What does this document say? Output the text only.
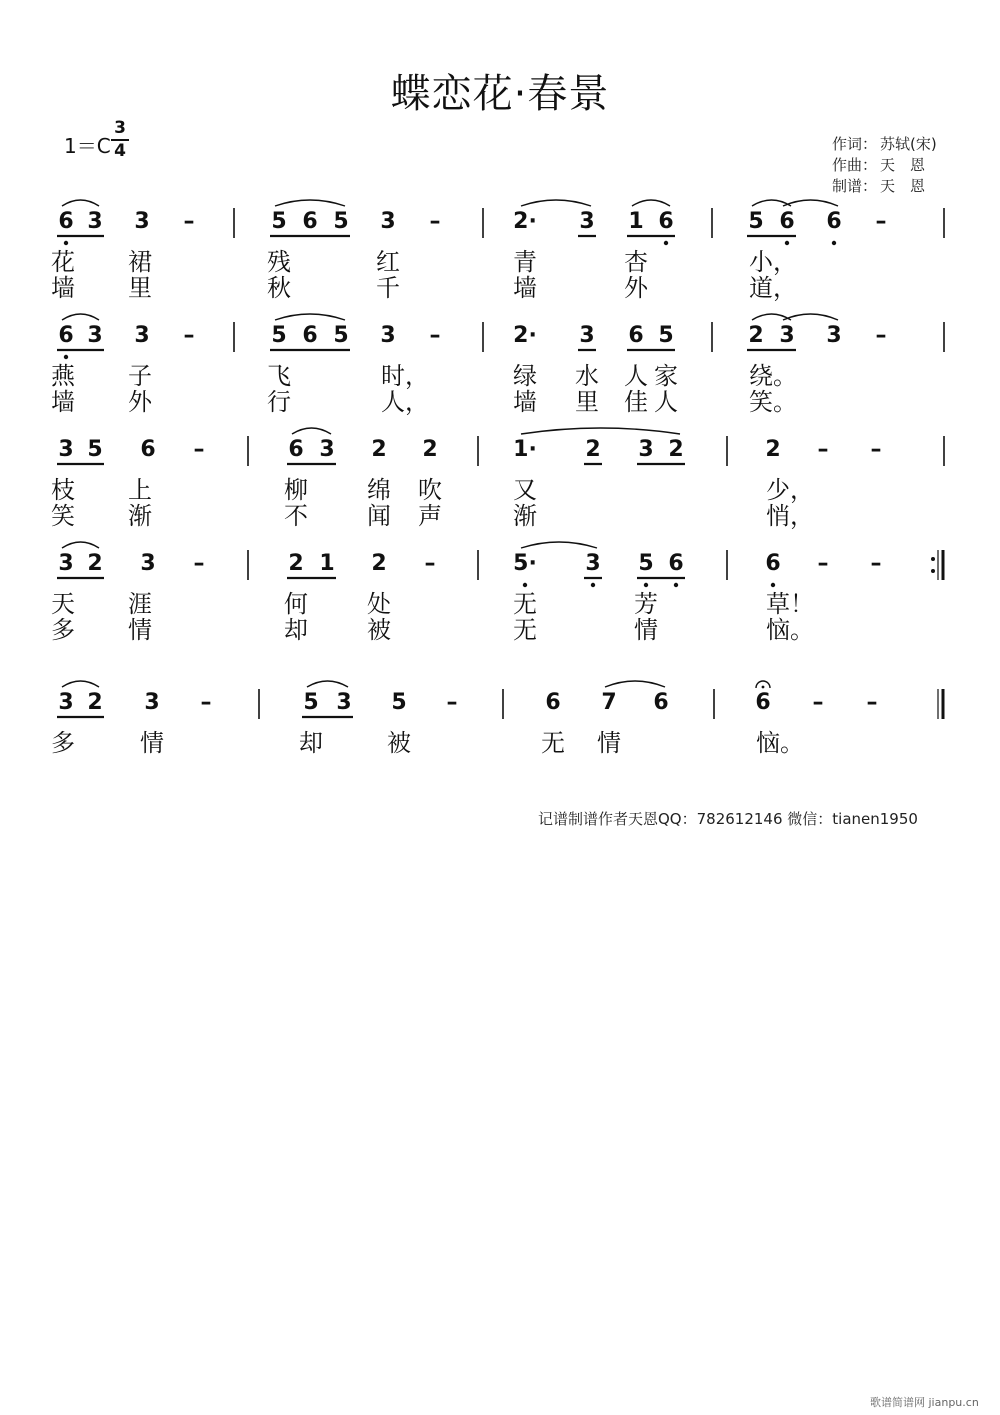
蝶恋花·春景
1＝C
3
4	作词： 苏轼(宋)
作曲： 天　恩
制谱： 天　恩
6 3 3 –	5 6 5 3 –	2· 3 1 6	5 6 6 –
花 裙	残	红	青	杏	小，
墙 里	秋	千	墙	外	道，
6 3 3 –	5 6 5 3 –	2· 3 6 5	2 3 3 –
燕 子	飞	时，	绿 水 人 家	绕。
墙 外	行	人，	墙 里 佳 人	笑。
3 5 6 –	6 3 2 2	1· 2 3 2	2 – –
枝 上	柳 绵 吹	又	少，
笑 渐	不 闻 声	渐	悄，
3 2 3 –	2 1 2 –	5· 3 5 6	6 – –
天 涯	何 处	无	芳	草！
多 情	却 被	无	情	恼。
3 2 3 –	5 3 5 –	6 7 6	6 – –
多	情	却	被	无 情	恼。
记谱制谱作者天恩QQ：782612146 微信：tianen1950
歌谱简谱网 jianpu.cn
